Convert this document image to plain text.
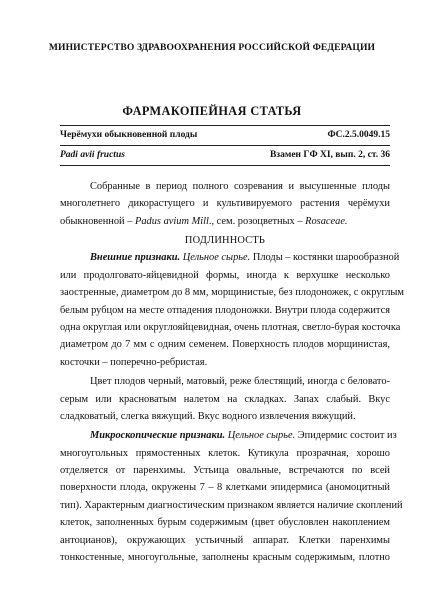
МИНИСТЕРСТВО ЗДРАВООХРАНЕНИЯ РОССИЙСКОЙ ФЕДЕРАЦИИ
ФАРМАКОПЕЙНАЯ СТАТЬЯ
Черёмухи обыкновенной плоды	ФС.2.5.0049.15
Padi avii fructus	Взамен ГФ XI, вып. 2, ст. 36
Собранные в период полного созревания и высушенные плоды
многолетнего дикорастущего и культивируемого растения черёмухи
обыкновенной – Padus avium Mill., сем. розоцветных – Rosaceae.
ПОДЛИННОСТЬ
Внешние признаки. Цельное сырье. Плоды – костянки шарообразной
или продолговато-яйцевидной формы, иногда к верхушке несколько
заостренные, диаметром до 8 мм, морщинистые, без плодоножек, с округлым
белым рубцом на месте отпадения плодоножки. Внутри плода содержится
одна округлая или округлояйцевидная, очень плотная, светло-бурая косточка
диаметром до 7 мм с одним семенем. Поверхность плодов морщинистая,
косточки – поперечно-ребристая.
Цвет плодов черный, матовый, реже блестящий, иногда с беловато-
серым или красноватым налетом на складках. Запах слабый. Вкус
сладковатый, слегка вяжущий. Вкус водного извлечения вяжущий.
Микроскопические признаки. Цельное сырье. Эпидермис состоит из
многоугольных прямостенных клеток. Кутикула прозрачная, хорошо
отделяется от паренхимы. Устьица овальные, встречаются по всей
поверхности плода, окружены 7 – 8 клетками эпидермиса (аномоцитный
тип). Характерным диагностическим признаком является наличие скоплений
клеток, заполненных бурым содержимым (цвет обусловлен накоплением
антоцианов), окружающих устьичный аппарат. Клетки паренхимы
тонкостенные, многоугольные, заполнены красным содержимым, плотно
